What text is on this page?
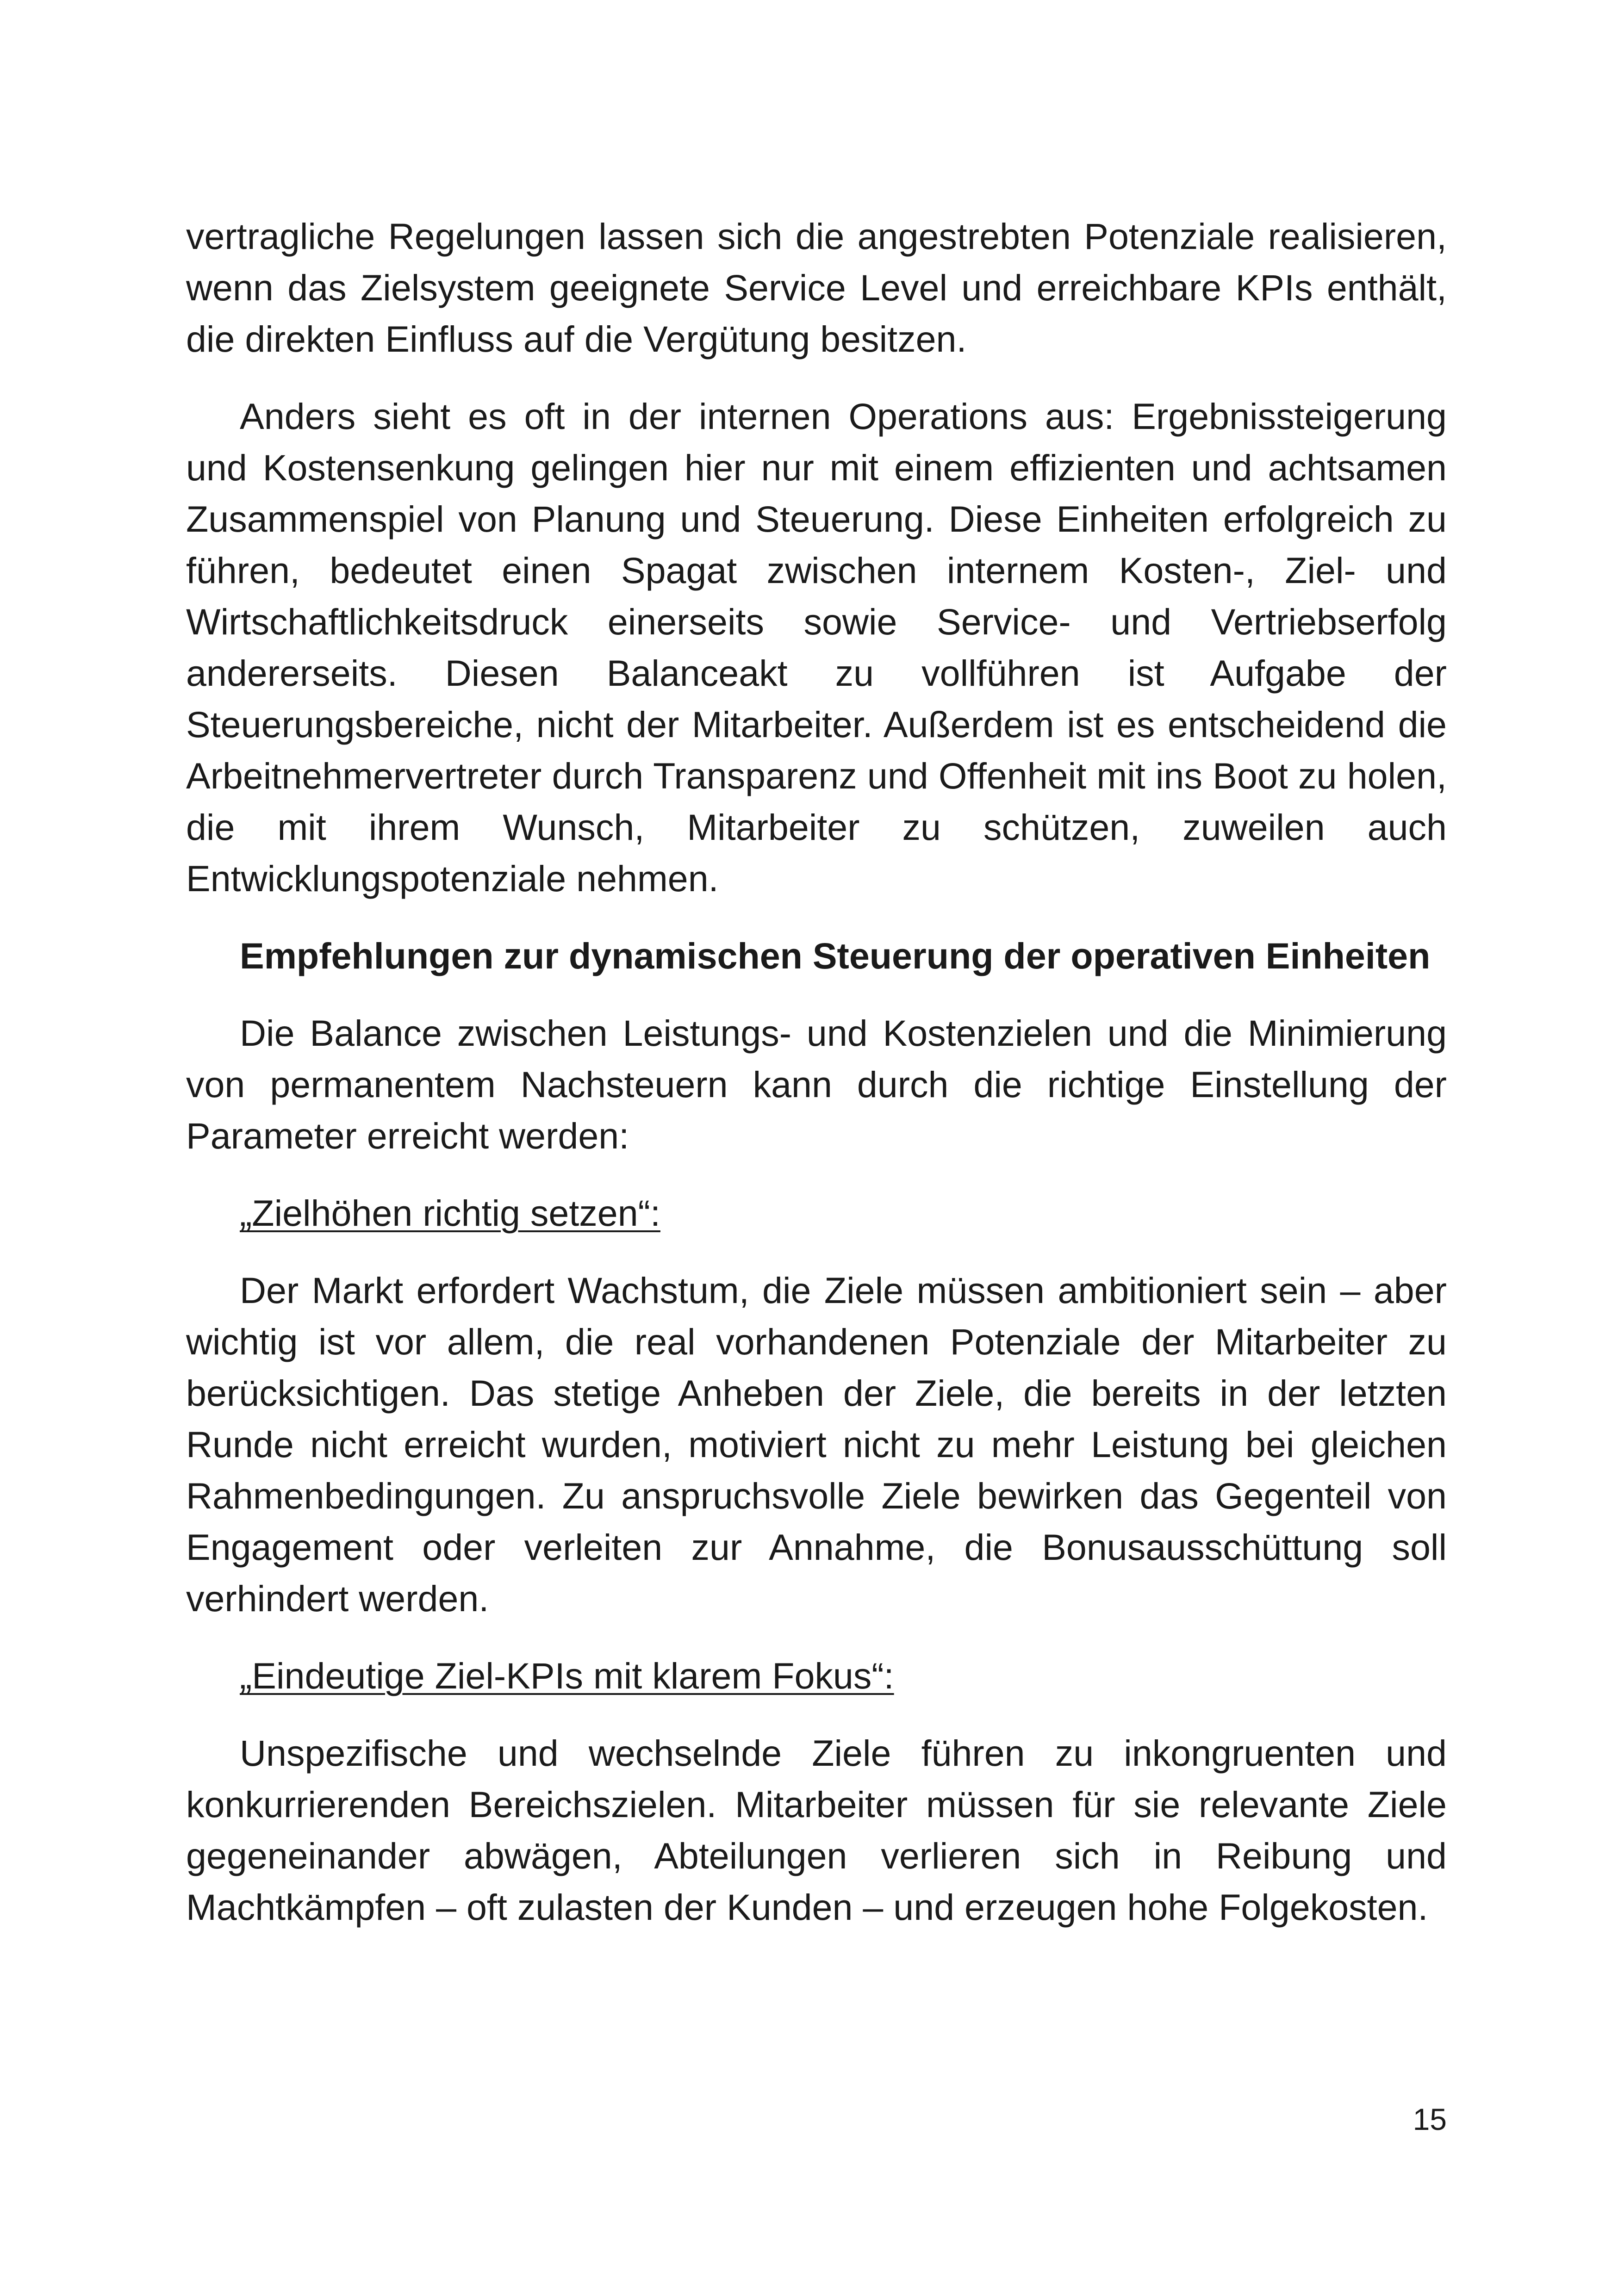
vertragliche Regelungen lassen sich die angestrebten Potenziale realisieren, wenn das Zielsystem geeignete Service Level und erreichbare KPIs enthält, die direkten Einfluss auf die Vergütung besitzen.

Anders sieht es oft in der internen Operations aus: Ergebnissteigerung und Kostensenkung gelingen hier nur mit einem effizienten und achtsamen Zusammenspiel von Planung und Steuerung. Diese Einheiten erfolgreich zu führen, bedeutet einen Spagat zwischen internem Kosten-, Ziel- und Wirtschaftlichkeitsdruck einerseits sowie Service- und Vertriebserfolg andererseits. Diesen Balanceakt zu vollführen ist Aufgabe der Steuerungsbereiche, nicht der Mitarbeiter. Außerdem ist es entscheidend die Arbeitnehmervertreter durch Transparenz und Offenheit mit ins Boot zu holen, die mit ihrem Wunsch, Mitarbeiter zu schützen, zuweilen auch Entwicklungspotenziale nehmen.

Empfehlungen zur dynamischen Steuerung der operativen Einheiten

Die Balance zwischen Leistungs- und Kostenzielen und die Minimierung von permanentem Nachsteuern kann durch die richtige Einstellung der Parameter erreicht werden:

„Zielhöhen richtig setzen“:

Der Markt erfordert Wachstum, die Ziele müssen ambitioniert sein – aber wichtig ist vor allem, die real vorhandenen Potenziale der Mitarbeiter zu berücksichtigen. Das stetige Anheben der Ziele, die bereits in der letzten Runde nicht erreicht wurden, motiviert nicht zu mehr Leistung bei gleichen Rahmenbedingungen. Zu anspruchsvolle Ziele bewirken das Gegenteil von Engagement oder verleiten zur Annahme, die Bonusausschüttung soll verhindert werden.

„Eindeutige Ziel-KPIs mit klarem Fokus“:

Unspezifische und wechselnde Ziele führen zu inkongruenten und konkurrierenden Bereichszielen. Mitarbeiter müssen für sie relevante Ziele gegeneinander abwägen, Abteilungen verlieren sich in Reibung und Machtkämpfen – oft zulasten der Kunden – und erzeugen hohe Folgekosten.

15
